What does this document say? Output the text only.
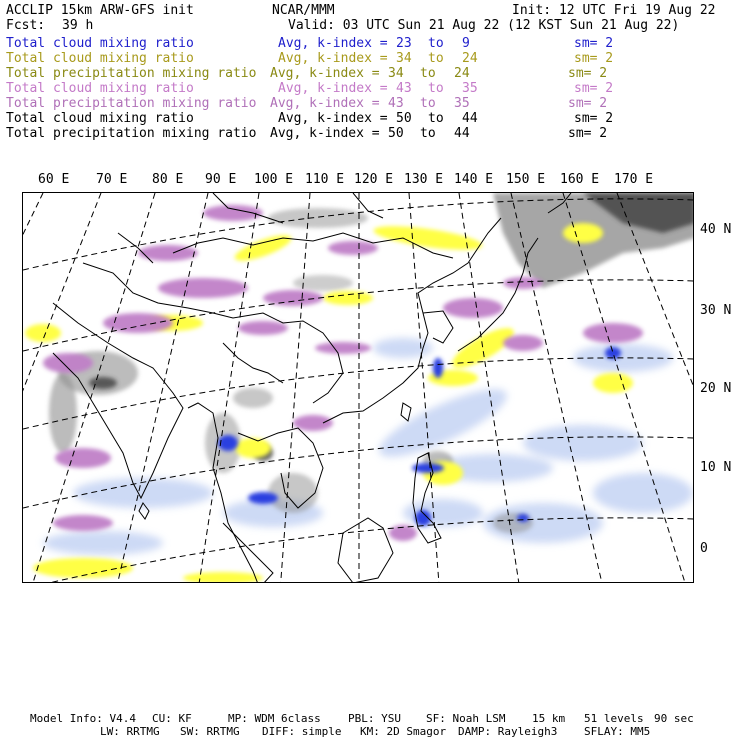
ACCLIP 15km ARW-GFS init	NCAR/MMM	Init: 12 UTC Fri 19 Aug 22
Fcst: 39 h	Valid: 03 UTC Sun 21 Aug 22 (12 KST Sun 21 Aug 22)
Total cloud mixing ratio	Avg, k-index = 23 to 9	sm= 2
Total cloud mixing ratio	Avg, k-index = 34 to 24	sm= 2
Total precipitation mixing ratio Avg, k-index = 34 to 24	sm= 2
Total cloud mixing ratio	Avg, k-index = 43 to 35	sm= 2
Total precipitation mixing ratio Avg, k-index = 43 to 35	sm= 2
Total cloud mixing ratio	Avg, k-index = 50 to 44	sm= 2
Total precipitation mixing ratio Avg, k-index = 50 to 44	sm= 2
60 E 70 E 80 E 90 E 100 E 110 E 120 E 130 E 140 E 150 E 160 E 170 E
40 N
30 N
20 N
10 N
0
Model Info: V4.4 CU: KF	MP: WDM 6class PBL: YSU SF: Noah LSM 15 km 51 levels 90 sec
LW: RRTMG SW: RRTMG DIFF: simple KM: 2D Smagor DAMP: Rayleigh3 SFLAY: MM5
